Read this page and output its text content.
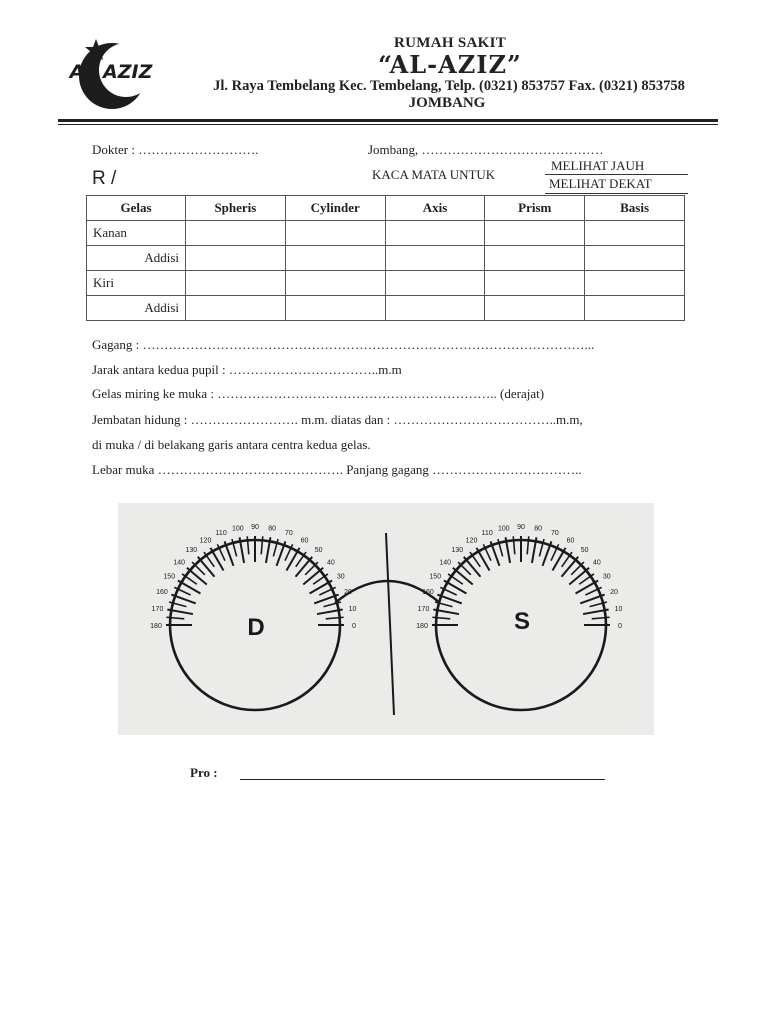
AL AZIZ
RUMAH SAKIT
“AL-AZIZ”
Jl. Raya Tembelang Kec. Tembelang, Telp. (0321) 853757 Fax. (0321) 853758
JOMBANG
Dokter : ……………………….	Jombang, ……………………………………
R /	KACA MATA UNTUK
MELIHAT JAUH
MELIHAT DEKAT
Gelas	Spheris	Cylinder	Axis	Prism	Basis
Kanan					
Addisi					
Kiri					
Addisi					
Gagang : …………………………………………………………………………………………...
Jarak antara kedua pupil : ……………………………..m.m
Gelas miring ke muka : ……………………………………………………….. (derajat)
Jembatan hidung : ……………………. m.m. diatas dan : ………………………………..m.m,
di muka / di belakang garis antara centra kedua gelas.
Lebar muka ……………………………………. Panjang gagang ……………………………..
D	S
180
170
160
150
140
130
120
110
100 90 80
70
60
50
40
30
20
10
0	180
170
160
150
140
130
120
110
100 90 80
70
60
50
40
30
20
10
0
Pro :
